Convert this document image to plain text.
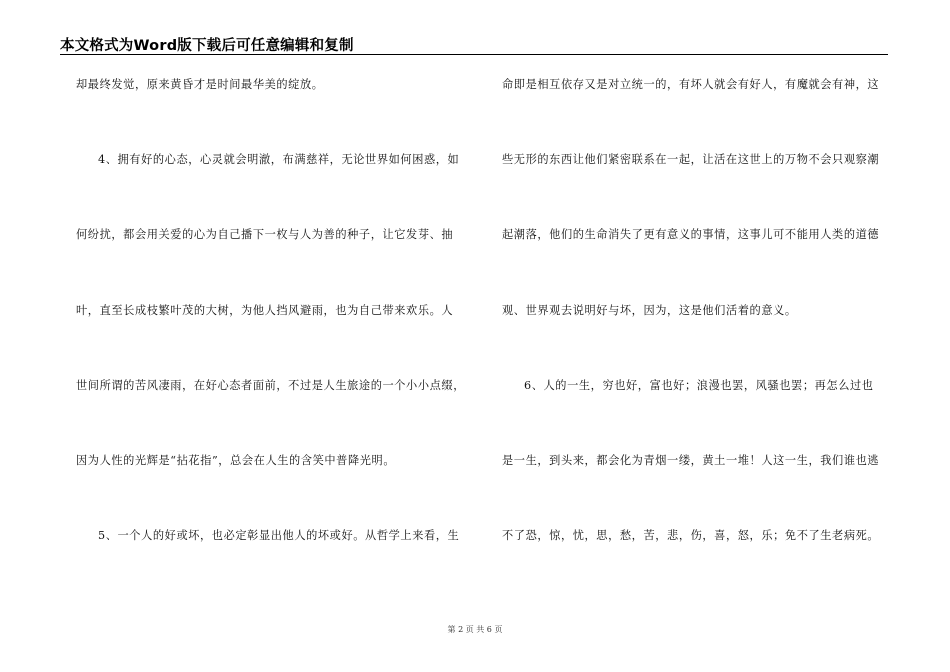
本文格式为Word版下载后可任意编辑和复制
却最终发觉，原来黄昏才是时间最华美的绽放。
4、拥有好的心态，心灵就会明澈，布满慈祥，无论世界如何困惑，如
何纷扰，都会用关爱的心为自己播下一枚与人为善的种子，让它发芽、抽
叶，直至长成枝繁叶茂的大树，为他人挡风避雨，也为自己带来欢乐。人
世间所谓的苦风凄雨，在好心态者面前，不过是人生旅途的一个小小点缀，
因为人性的光辉是“拈花指”，总会在人生的含笑中普降光明。
5、一个人的好或坏，也必定彰显出他人的坏或好。从哲学上来看，生
命即是相互依存又是对立统一的，有坏人就会有好人，有魔就会有神，这
些无形的东西让他们紧密联系在一起，让活在这世上的万物不会只观察潮
起潮落，他们的生命消失了更有意义的事情，这事儿可不能用人类的道德
观、世界观去说明好与坏，因为，这是他们活着的意义。
6、人的一生，穷也好，富也好；浪漫也罢，风骚也罢；再怎么过也
是一生，到头来，都会化为青烟一缕，黄土一堆！人这一生，我们谁也逃
不了恐，惊，忧，思，愁，苦，悲，伤，喜，怒，乐；免不了生老病死。
第 2 页 共 6 页
